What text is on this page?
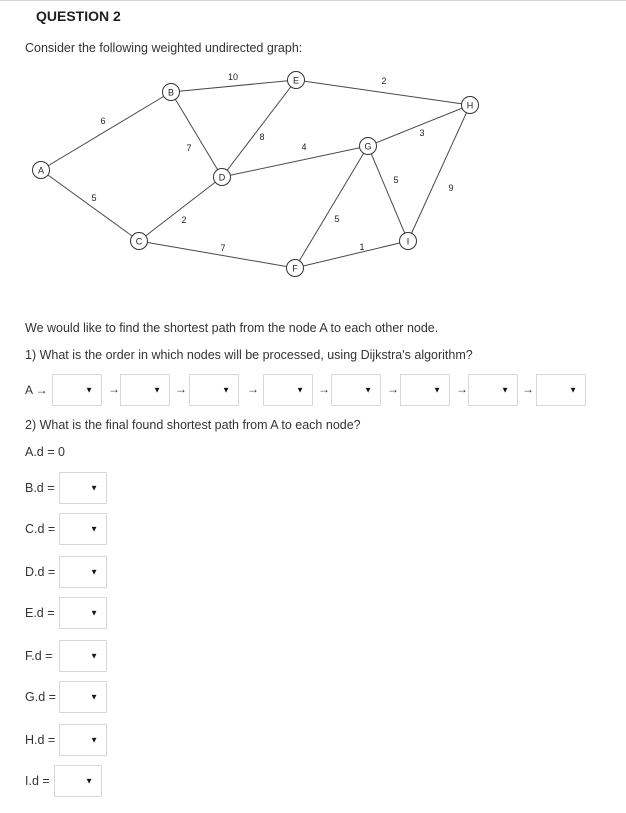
QUESTION 2
Consider the following weighted undirected graph:
6
5
10
7
2
7
8
2
4
3
5
5
9
1
A
B
C
D
E
F
G
H
I
We would like to find the shortest path from the node A to each other node.
1) What is the order in which nodes will be processed, using Dijkstra's algorithm?
A →	▼	▼	▼	▼	▼	▼	▼	▼
→	→	→	→	→	→	→
2) What is the final found shortest path from A to each node?
A.d = 0
B.d =	▼
C.d =	▼
D.d =	▼
E.d =	▼
F.d =	▼
G.d =	▼
H.d =	▼
I.d =	▼
